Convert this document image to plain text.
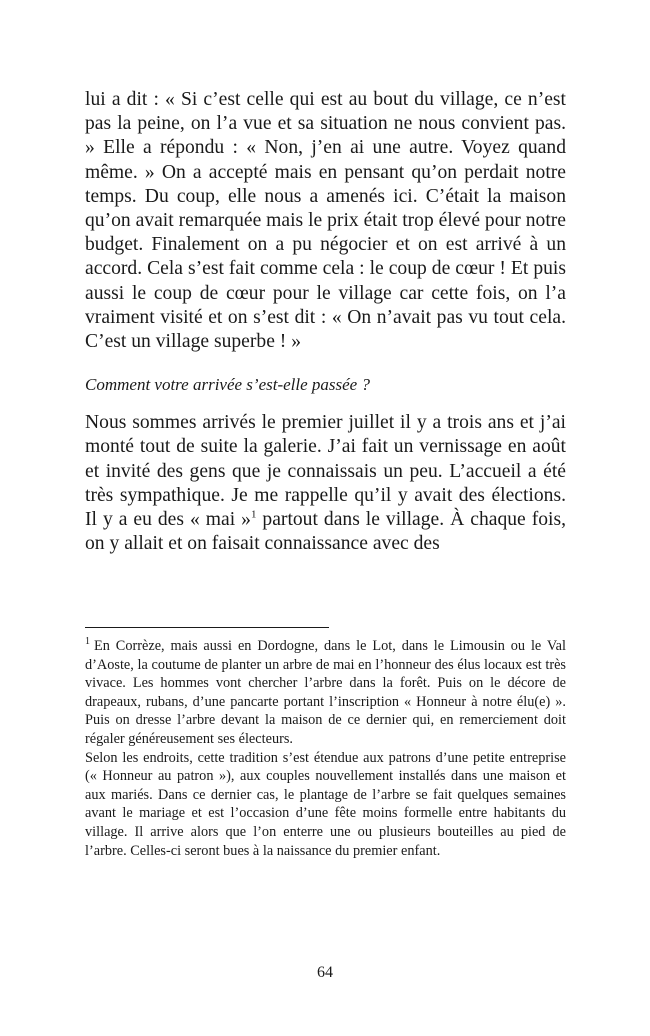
lui a dit : « Si c’est celle qui est au bout du village, ce n’est pas la peine, on l’a vue et sa situation ne nous convient pas. » Elle a répondu : « Non, j’en ai une autre. Voyez quand même. » On a accepté mais en pensant qu’on perdait notre temps. Du coup, elle nous a amenés ici. C’était la maison qu’on avait remarquée mais le prix était trop élevé pour notre budget. Finalement on a pu négocier et on est arrivé à un accord. Cela s’est fait comme cela : le coup de cœur ! Et puis aussi le coup de cœur pour le village car cette fois, on l’a vraiment visité et on s’est dit : « On n’avait pas vu tout cela. C’est un village superbe ! »

Comment votre arrivée s’est-elle passée ?

Nous sommes arrivés le premier juillet il y a trois ans et j’ai monté tout de suite la galerie. J’ai fait un vernissage en août et invité des gens que je connaissais un peu. L’accueil a été très sympathique. Je me rappelle qu’il y avait des élections. Il y a eu des « mai »$^1$ partout dans le village. À chaque fois, on y allait et on faisait connaissance avec des

$^1$ En Corrèze, mais aussi en Dordogne, dans le Lot, dans le Limousin ou le Val d’Aoste, la coutume de planter un arbre de mai en l’honneur des élus locaux est très vivace. Les hommes vont chercher l’arbre dans la forêt. Puis on le décore de drapeaux, rubans, d’une pancarte portant l’inscription « Honneur à notre élu(e) ». Puis on dresse l’arbre devant la maison de ce dernier qui, en remerciement doit régaler généreusement ses électeurs.

Selon les endroits, cette tradition s’est étendue aux patrons d’une petite entreprise (« Honneur au patron »), aux couples nouvellement installés dans une maison et aux mariés. Dans ce dernier cas, le plantage de l’arbre se fait quelques semaines avant le mariage et est l’occasion d’une fête moins formelle entre habitants du village. Il arrive alors que l’on enterre une ou plusieurs bouteilles au pied de l’arbre. Celles-ci seront bues à la naissance du premier enfant.

64
